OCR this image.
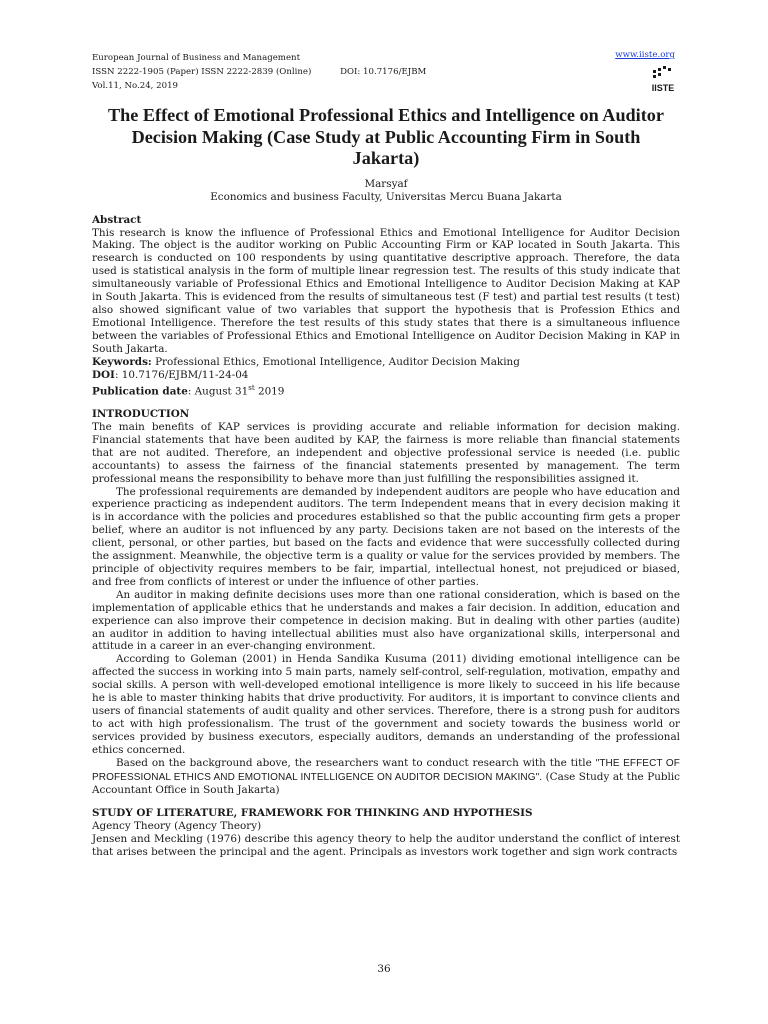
European Journal of Business and Management
ISSN 2222-1905 (Paper) ISSN 2222-2839 (Online)	DOI: 10.7176/EJBM
Vol.11, No.24, 2019
www.iiste.org
IISTE
The Effect of Emotional Professional Ethics and Intelligence on Auditor Decision Making (Case Study at Public Accounting Firm in South Jakarta)
Marsyaf
Economics and business Faculty, Universitas Mercu Buana Jakarta
Abstract

This research is know the influence of Professional Ethics and Emotional Intelligence for Auditor Decision Making. The object is the auditor working on Public Accounting Firm or KAP located in South Jakarta. This research is conducted on 100 respondents by using quantitative descriptive approach. Therefore, the data used is statistical analysis in the form of multiple linear regression test. The results of this study indicate that simultaneously variable of Professional Ethics and Emotional Intelligence to Auditor Decision Making at KAP in South Jakarta. This is evidenced from the results of simultaneous test (F test) and partial test results (t test) also showed significant value of two variables that support the hypothesis that is Profession Ethics and Emotional Intelligence. Therefore the test results of this study states that there is a simultaneous influence between the variables of Professional Ethics and Emotional Intelligence on Auditor Decision Making in KAP in South Jakarta.

Keywords: Professional Ethics, Emotional Intelligence, Auditor Decision Making
DOI: 10.7176/EJBM/11-24-04
Publication date: August 31st 2019
INTRODUCTION

The main benefits of KAP services is providing accurate and reliable information for decision making. Financial statements that have been audited by KAP, the fairness is more reliable than financial statements that are not audited. Therefore, an independent and objective professional service is needed (i.e. public accountants) to assess the fairness of the financial statements presented by management. The term professional means the responsibility to behave more than just fulfilling the responsibilities assigned it.

The professional requirements are demanded by independent auditors are people who have education and experience practicing as independent auditors. The term Independent means that in every decision making it is in accordance with the policies and procedures established so that the public accounting firm gets a proper belief, where an auditor is not influenced by any party. Decisions taken are not based on the interests of the client, personal, or other parties, but based on the facts and evidence that were successfully collected during the assignment. Meanwhile, the objective term is a quality or value for the services provided by members. The principle of objectivity requires members to be fair, impartial, intellectual honest, not prejudiced or biased, and free from conflicts of interest or under the influence of other parties.

An auditor in making definite decisions uses more than one rational consideration, which is based on the implementation of applicable ethics that he understands and makes a fair decision. In addition, education and experience can also improve their competence in decision making. But in dealing with other parties (audite) an auditor in addition to having intellectual abilities must also have organizational skills, interpersonal and attitude in a career in an ever-changing environment.

According to Goleman (2001) in Henda Sandika Kusuma (2011) dividing emotional intelligence can be affected the success in working into 5 main parts, namely self-control, self-regulation, motivation, empathy and social skills. A person with well-developed emotional intelligence is more likely to succeed in his life because he is able to master thinking habits that drive productivity. For auditors, it is important to convince clients and users of financial statements of audit quality and other services. Therefore, there is a strong push for auditors to act with high professionalism. The trust of the government and society towards the business world or services provided by business executors, especially auditors, demands an understanding of the professional ethics concerned.

Based on the background above, the researchers want to conduct research with the title "THE EFFECT OF PROFESSIONAL ETHICS AND EMOTIONAL INTELLIGENCE ON AUDITOR DECISION MAKING". (Case Study at the Public Accountant Office in South Jakarta)

STUDY OF LITERATURE, FRAMEWORK FOR THINKING AND HYPOTHESIS
Agency Theory (Agency Theory)

Jensen and Meckling (1976) describe this agency theory to help the auditor understand the conflict of interest that arises between the principal and the agent. Principals as investors work together and sign work contracts

36
